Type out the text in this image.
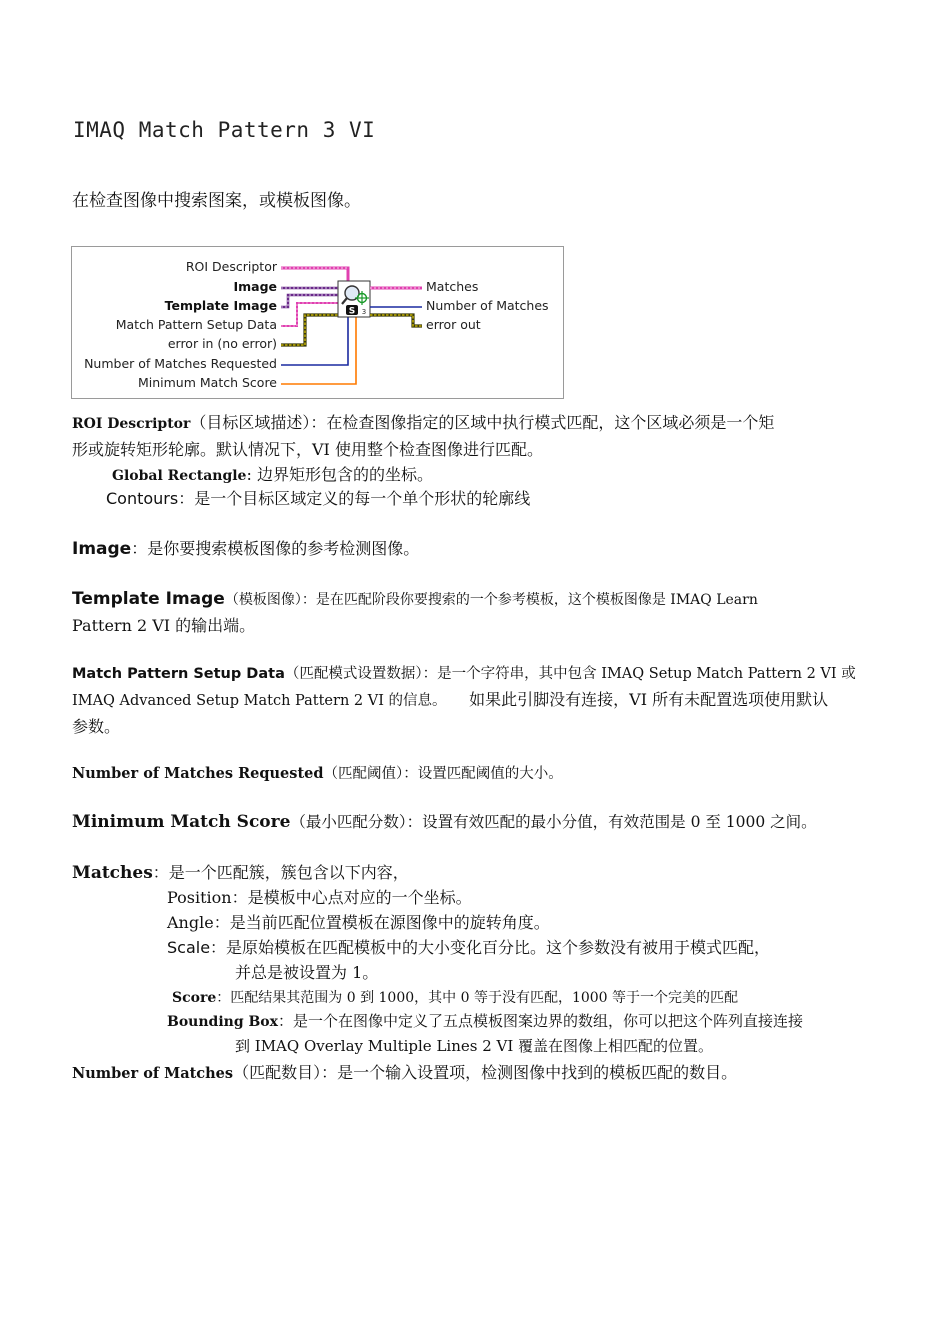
IMAQ Match Pattern 3 VI
在检查图像中搜索图案，或模板图像。
ROI Descriptor
Image
Template Image
Match Pattern Setup Data
error in (no error)
Number of Matches Requested
Minimum Match Score
S 3
Matches
Number of Matches
error out
ROI Descriptor（目标区域描述）：在检查图像指定的区域中执行模式匹配，这个区域必须是一个矩
形或旋转矩形轮廓。默认情况下，VI 使用整个检查图像进行匹配。
Global Rectangle: 边界矩形包含的的坐标。
Contours：是一个目标区域定义的每一个单个形状的轮廓线
Image：是你要搜索模板图像的参考检测图像。
Template Image（模板图像）：是在匹配阶段你要搜索的一个参考模板，这个模板图像是 IMAQ Learn
Pattern 2 VI 的输出端。
Match Pattern Setup Data（匹配模式设置数据）：是一个字符串，其中包含 IMAQ Setup Match Pattern 2 VI 或
IMAQ Advanced Setup Match Pattern 2 VI 的信息。 如果此引脚没有连接，VI 所有未配置选项使用默认
参数。
Number of Matches Requested（匹配阈值）：设置匹配阈值的大小。
Minimum Match Score（最小匹配分数）：设置有效匹配的最小分值，有效范围是 0 至 1000 之间。
Matches：是一个匹配簇，簇包含以下内容，
Position：是模板中心点对应的一个坐标。
Angle：是当前匹配位置模板在源图像中的旋转角度。
Scale：是原始模板在匹配模板中的大小变化百分比。这个参数没有被用于模式匹配，
并总是被设置为 1。
Score：匹配结果其范围为 0 到 1000，其中 0 等于没有匹配，1000 等于一个完美的匹配
Bounding Box：是一个在图像中定义了五点模板图案边界的数组，你可以把这个阵列直接连接
到 IMAQ Overlay Multiple Lines 2 VI 覆盖在图像上相匹配的位置。
Number of Matches（匹配数目）：是一个输入设置项，检测图像中找到的模板匹配的数目。
